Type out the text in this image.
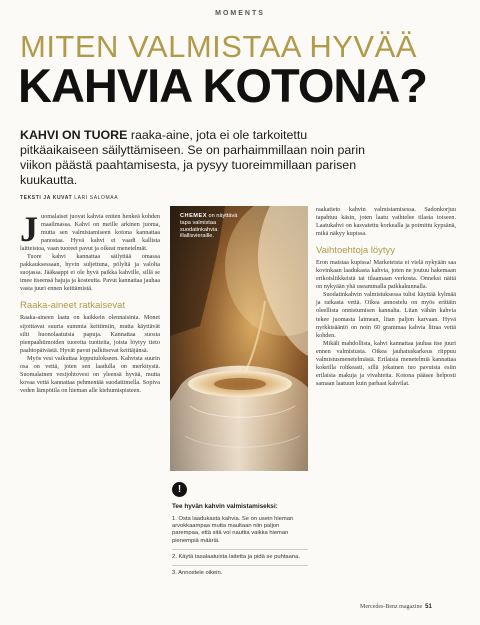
MOMENTS
MITEN VALMISTAA HYVÄÄ
KAHVIA KOTONA?
KAHVI ON TUORE raaka-aine, jota ei ole tarkoitettu pitkäaikaiseen säilyttämiseen. Se on parhaimmillaan noin parin viikon päästä paahtamisesta, ja pysyy tuoreimmillaan parisen kuukautta.
TEKSTI JA KUVAT LARI SALOMAA
J uomalaiset juovat kahvia eniten henkeä kohden maailmassa. Kahvi on meille arkinen juoma, mutta sen valmistamiseen kotona kannattaa panostaa. Hyvä kahvi ei vaadi kallista laitteistoa, vaan tuoreet pavut ja oikeat menetelmät.

Tuore kahvi kannattaa säilyttää omassa pakkauksessaan, hyvin suljettuna, pölyltä ja valolta suojassa. Jääkaappi ei ole hyvä paikka kahville, sillä se imee itseensä hajuja ja kosteutta. Pavut kannattaa jauhaa vasta juuri ennen keittämistä.

Raaka-aineet ratkaisevat

Raaka-aineen laatu on kaikkein olennaisinta. Monet sijoittavat suuria summia keittimiin, mutta käyttävät silti huonolaatuisia papuja. Kannattaa suosia pienpaahtimoiden tuoreita tuotteita, joista löytyy tieto paahtopäivästä. Hyvät pavut palkitsevat keittäjänsä.

Myös vesi vaikuttaa lopputulokseen. Kahvista suurin osa on vettä, joten sen laadulla on merkitystä. Suomalainen vesijohtovesi on yleensä hyvää, mutta kovaa vettä kannattaa pehmentää suodattimella. Sopiva veden lämpötila on hieman alle kiehumispisteen.

CHEMEX on näyttävä tapa valmistaa suodatinkahvia illallisvieraille.
!
Tee hyvän kahvin valmistamiseksi:
1. Osta laadukasta kahvia. Se on usein hieman arvokkaampaa mutta maultaan niin paljon parempaa, että sitä voi nauttia vaikka hieman pienempiä määriä.
2. Käytä tasalaatuista laitetta ja pidä se puhtaana.
3. Annostele oikein.

raakatieto kahvin valmistamisessa. Sadonkorjuu tapahtuu käsin, joten laatu vaihtelee tilasta toiseen. Laatukahvi on kasvatettu korkealla ja poimittu kypsänä, mikä näkyy kupissa.

Vaihtoehtoja löytyy

Eron maistaa kupissa! Marketeista ei vielä nykyään saa kovinkaan laadukasta kahvia, joten ne joutuu hakemaan erikoisliikkeistä tai tilaamaan verkosta. Onneksi näitä on nykyään yhä useammalla paikkakunnalla.

Suodatinkahvin valmistuksessa tulisi käyttää kylmää ja raikasta vettä. Oikea annostelu on myös erittäin oleellista onnistumisen kannalta. Liian vähän kahvia tekee juomasta laimean, liian paljon karvaan. Hyvä nyrkkisääntö on noin 60 grammaa kahvia litraa vettä kohden.

Mikäli mahdollista, kahvi kannattaa jauhaa itse juuri ennen valmistusta. Oikea jauhatuskarkeus riippuu valmistusmenetelmästä. Erilaisia menetelmiä kannattaa kokeilla rohkeasti, sillä jokainen tuo pavuista esiin erilaisia makuja ja vivahteita. Kotona pääsee helposti samaan laatuun kuin parhaat kahvilat.

Mercedes-Benz magazine 51
